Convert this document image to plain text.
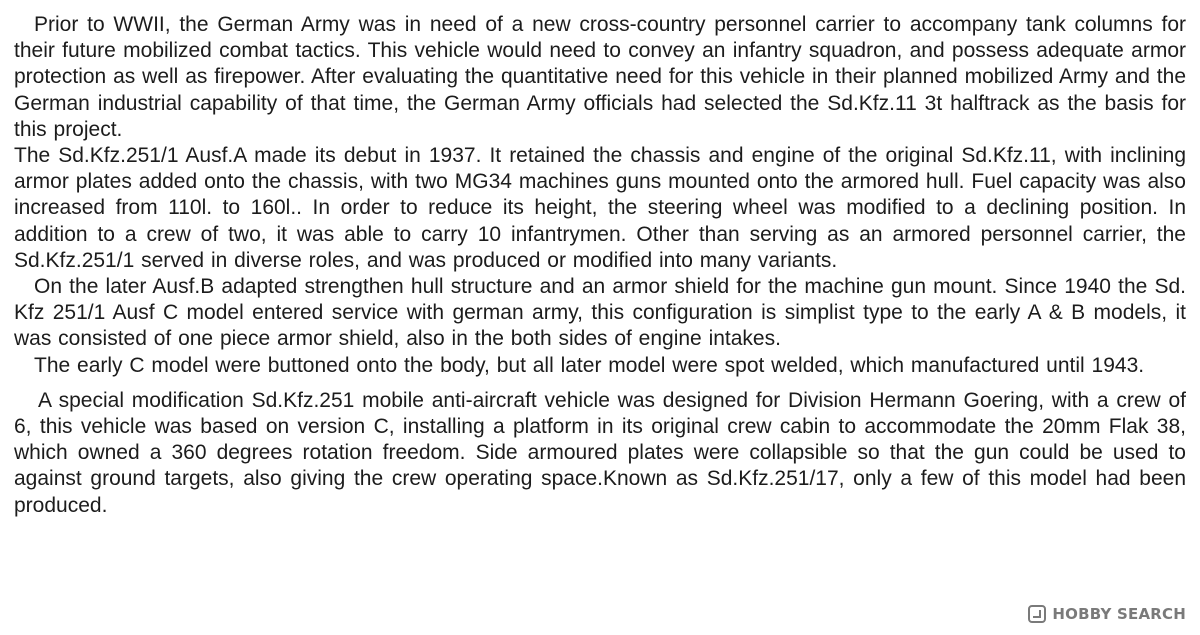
Prior to WWII, the German Army was in need of a new cross-country personnel carrier to accompany tank columns for their future mobilized combat tactics. This vehicle would need to convey an infantry squadron, and possess adequate armor protection as well as firepower. After evaluating the quantitative need for this vehicle in their planned mobilized Army and the German industrial capability of that time, the German Army officials had selected the Sd.Kfz.11 3t halftrack as the basis for this project.

The Sd.Kfz.251/1 Ausf.A made its debut in 1937. It retained the chassis and engine of the original Sd.Kfz.11, with inclining armor plates added onto the chassis, with two MG34 machines guns mounted onto the armored hull. Fuel capacity was also increased from 110l. to 160l.. In order to reduce its height, the steering wheel was modified to a declining position. In addition to a crew of two, it was able to carry 10 infantrymen. Other than serving as an armored personnel carrier, the Sd.Kfz.251/1 served in diverse roles, and was produced or modified into many variants.

On the later Ausf.B adapted strengthen hull structure and an armor shield for the machine gun mount. Since 1940 the Sd. Kfz 251/1 Ausf C model entered service with german army, this configuration is simplist type to the early A & B models, it was consisted of one piece armor shield, also in the both sides of engine intakes.

The early C model were buttoned onto the body, but all later model were spot welded, which manufactured until 1943.

A special modification Sd.Kfz.251 mobile anti-aircraft vehicle was designed for Division Hermann Goering, with a crew of 6, this vehicle was based on version C, installing a platform in its original crew cabin to accommodate the 20mm Flak 38, which owned a 360 degrees rotation freedom. Side armoured plates were collapsible so that the gun could be used to against ground targets, also giving the crew operating space.Known as Sd.Kfz.251/17, only a few of this model had been produced.

HOBBY SEARCH
